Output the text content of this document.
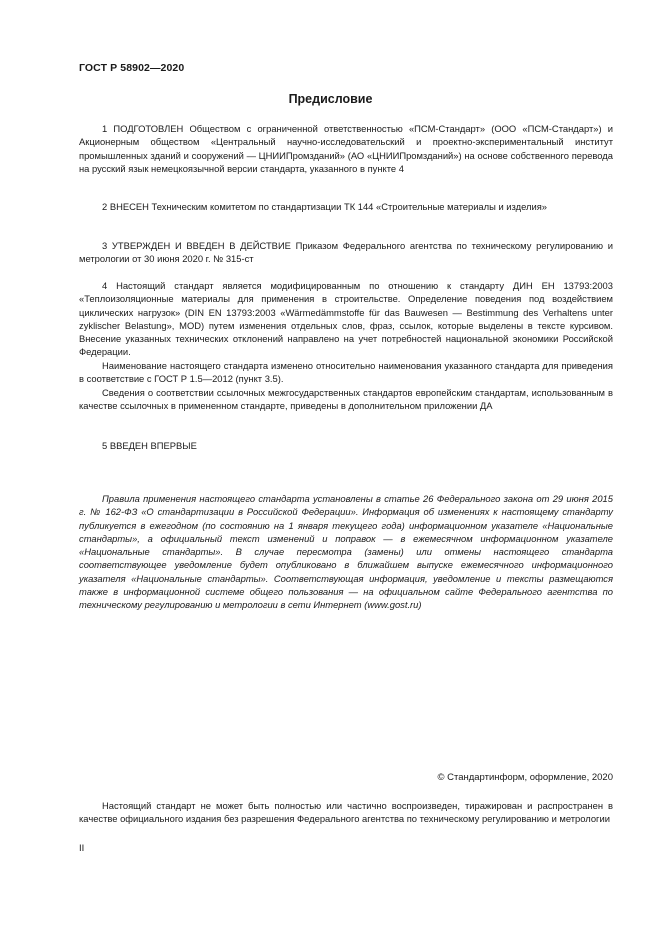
ГОСТ Р 58902—2020
Предисловие

1 ПОДГОТОВЛЕН Обществом с ограниченной ответственностью «ПСМ-Стандарт» (ООО «ПСМ-Стандарт») и Акционерным обществом «Центральный научно-исследовательский и проектно-экспериментальный институт промышленных зданий и сооружений — ЦНИИПромзданий» (АО «ЦНИИПромзданий») на основе собственного перевода на русский язык немецкоязычной версии стандарта, указанного в пункте 4

2 ВНЕСЕН Техническим комитетом по стандартизации ТК 144 «Строительные материалы и изделия»

3 УТВЕРЖДЕН И ВВЕДЕН В ДЕЙСТВИЕ Приказом Федерального агентства по техническому регулированию и метрологии от 30 июня 2020 г. № 315-ст

4 Настоящий стандарт является модифицированным по отношению к стандарту ДИН ЕН 13793:2003 «Теплоизоляционные материалы для применения в строительстве. Определение поведения под воздействием циклических нагрузок» (DIN EN 13793:2003 «Wärmedämmstoffe für das Bauwesen — Bestimmung des Verhaltens unter zyklischer Belastung», MOD) путем изменения отдельных слов, фраз, ссылок, которые выделены в тексте курсивом. Внесение указанных технических отклонений направлено на учет потребностей национальной экономики Российской Федерации.

Наименование настоящего стандарта изменено относительно наименования указанного стандарта для приведения в соответствие с ГОСТ Р 1.5—2012 (пункт 3.5).

Сведения о соответствии ссылочных межгосударственных стандартов европейским стандартам, использованным в качестве ссылочных в примененном стандарте, приведены в дополнительном приложении ДА

5 ВВЕДЕН ВПЕРВЫЕ

Правила применения настоящего стандарта установлены в статье 26 Федерального закона от 29 июня 2015 г. № 162-ФЗ «О стандартизации в Российской Федерации». Информация об изменениях к настоящему стандарту публикуется в ежегодном (по состоянию на 1 января текущего года) информационном указателе «Национальные стандарты», а официальный текст изменений и поправок — в ежемесячном информационном указателе «Национальные стандарты». В случае пересмотра (замены) или отмены настоящего стандарта соответствующее уведомление будет опубликовано в ближайшем выпуске ежемесячного информационного указателя «Национальные стандарты». Соответствующая информация, уведомление и тексты размещаются также в информационной системе общего пользования — на официальном сайте Федерального агентства по техническому регулированию и метрологии в сети Интернет (www.gost.ru)

© Стандартинформ, оформление, 2020

Настоящий стандарт не может быть полностью или частично воспроизведен, тиражирован и распространен в качестве официального издания без разрешения Федерального агентства по техническому регулированию и метрологии

II
